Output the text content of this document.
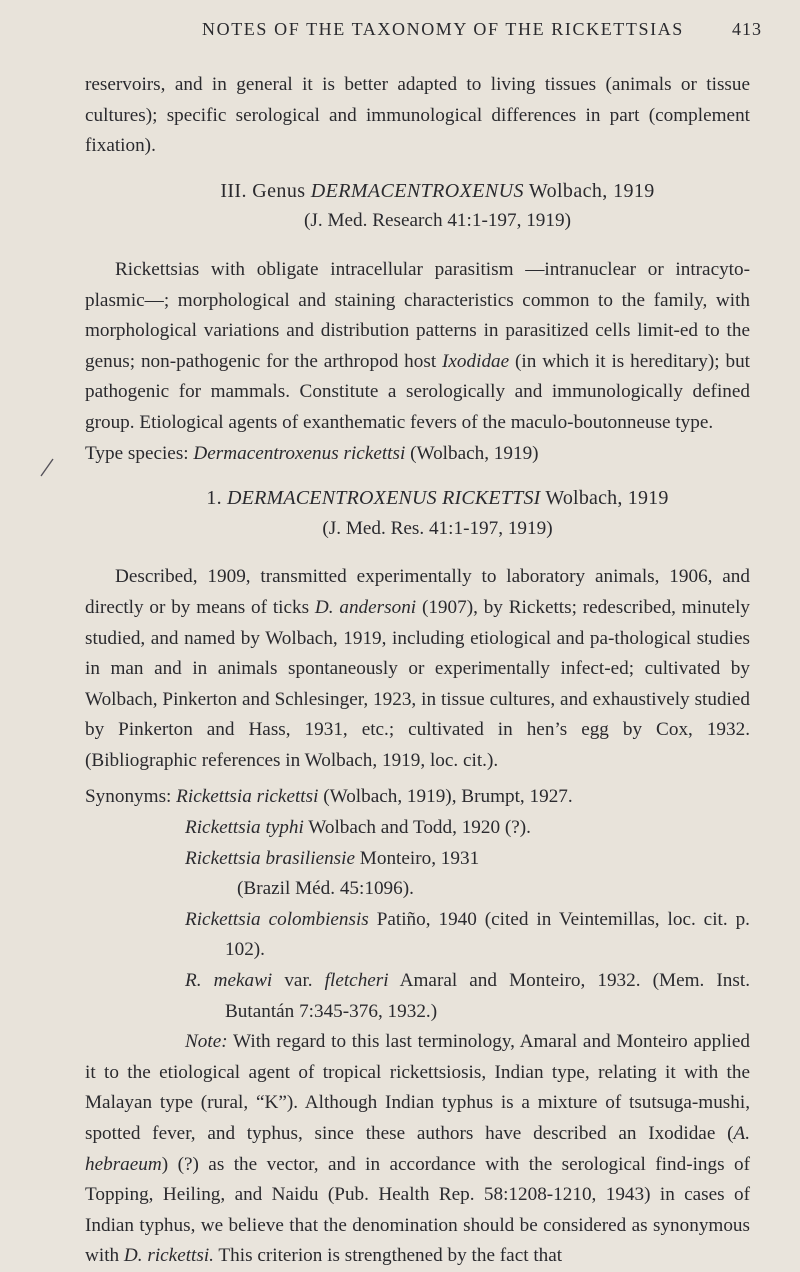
NOTES OF THE TAXONOMY OF THE RICKETTSIAS	413

reservoirs, and in general it is better adapted to living tissues (animals or tissue cultures); specific serological and immunological differences in part (complement fixation).

III. Genus DERMACENTROXENUS Wolbach, 1919

(J. Med. Research 41:1-197, 1919)

Rickettsias with obligate intracellular parasitism —intranuclear or intracyto-plasmic—; morphological and staining characteristics common to the family, with morphological variations and distribution patterns in parasitized cells limit-ed to the genus; non-pathogenic for the arthropod host Ixodidae (in which it is hereditary); but pathogenic for mammals. Constitute a serologically and immunologically defined group. Etiological agents of exanthematic fevers of the maculo-boutonneuse type.

Type species: Dermacentroxenus rickettsi (Wolbach, 1919)

1. DERMACENTROXENUS RICKETTSI Wolbach, 1919

(J. Med. Res. 41:1-197, 1919)

Described, 1909, transmitted experimentally to laboratory animals, 1906, and directly or by means of ticks D. andersoni (1907), by Ricketts; redescribed, minutely studied, and named by Wolbach, 1919, including etiological and pa-thological studies in man and in animals spontaneously or experimentally infect-ed; cultivated by Wolbach, Pinkerton and Schlesinger, 1923, in tissue cultures, and exhaustively studied by Pinkerton and Hass, 1931, etc.; cultivated in hen’s egg by Cox, 1932. (Bibliographic references in Wolbach, 1919, loc. cit.).

Synonyms: Rickettsia rickettsi (Wolbach, 1919), Brumpt, 1927.

Rickettsia typhi Wolbach and Todd, 1920 (?).

Rickettsia brasiliensie Monteiro, 1931

(Brazil Méd. 45:1096).

Rickettsia colombiensis Patiño, 1940 (cited in Veintemillas, loc. cit. p. 102).

R. mekawi var. fletcheri Amaral and Monteiro, 1932. (Mem. Inst. Butantán 7:345-376, 1932.)

Note: With regard to this last terminology, Amaral and Monteiro applied it to the etiological agent of tropical rickettsiosis, Indian type, relating it with the Malayan type (rural, “K”). Although Indian typhus is a mixture of tsutsuga-mushi, spotted fever, and typhus, since these authors have described an Ixodidae (A. hebraeum) (?) as the vector, and in accordance with the serological find-ings of Topping, Heiling, and Naidu (Pub. Health Rep. 58:1208-1210, 1943) in cases of Indian typhus, we believe that the denomination should be considered as synonymous with D. rickettsi. This criterion is strengthened by the fact that
